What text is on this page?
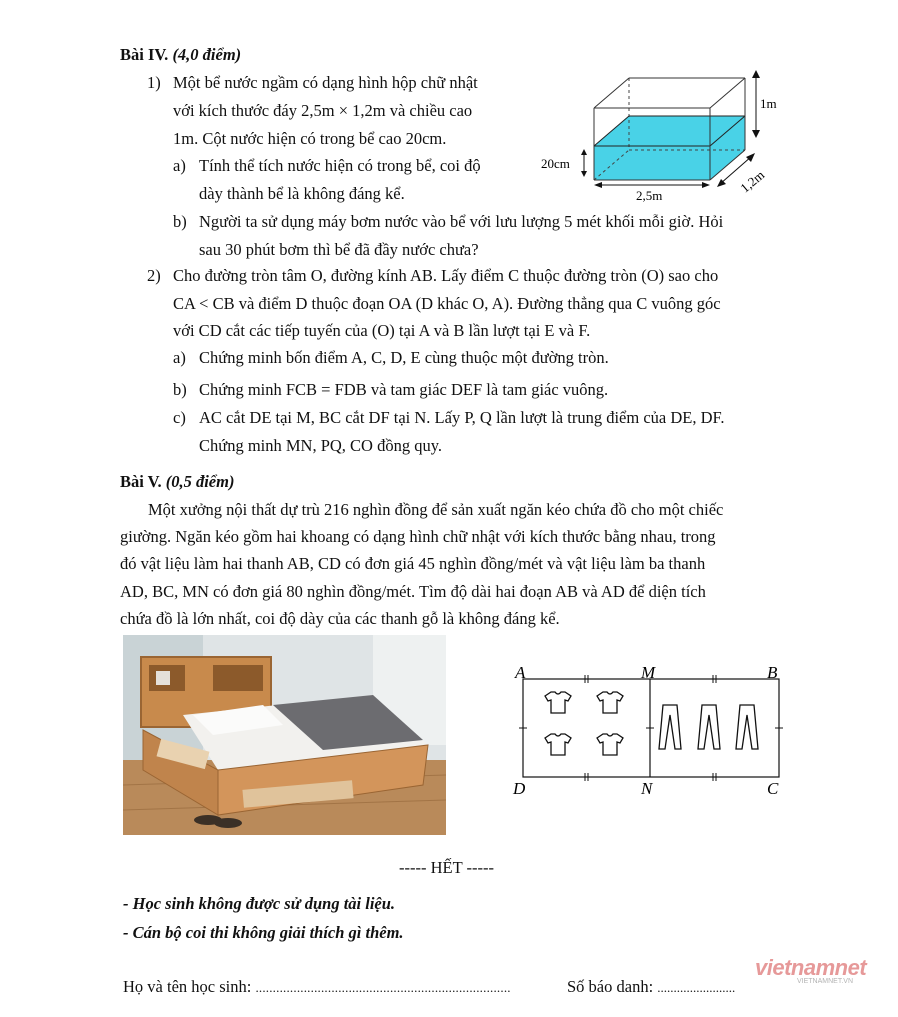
Bài IV. (4,0 điểm)
1) Một bể nước ngầm có dạng hình hộp chữ nhật
với kích thước đáy 2,5m × 1,2m và chiều cao
1m. Cột nước hiện có trong bể cao 20cm.
a) Tính thể tích nước hiện có trong bể, coi độ
dày thành bể là không đáng kể.
b) Người ta sử dụng máy bơm nước vào bể với lưu lượng 5 mét khối mỗi giờ. Hỏi
sau 30 phút bơm thì bể đã đầy nước chưa?
2) Cho đường tròn tâm O, đường kính AB. Lấy điểm C thuộc đường tròn (O) sao cho
CA < CB và điểm D thuộc đoạn OA (D khác O, A). Đường thẳng qua C vuông góc
với CD cắt các tiếp tuyến của (O) tại A và B lần lượt tại E và F.
a) Chứng minh bốn điểm A, C, D, E cùng thuộc một đường tròn.
b) Chứng minh FCB = FDB và tam giác DEF là tam giác vuông.
c) AC cắt DE tại M, BC cắt DF tại N. Lấy P, Q lần lượt là trung điểm của DE, DF.
Chứng minh MN, PQ, CO đồng quy.
1m
20cm
2,5m	1,2m
Bài V. (0,5 điểm)
Một xưởng nội thất dự trù 216 nghìn đồng để sản xuất ngăn kéo chứa đồ cho một chiếc
giường. Ngăn kéo gồm hai khoang có dạng hình chữ nhật với kích thước bằng nhau, trong
đó vật liệu làm hai thanh AB, CD có đơn giá 45 nghìn đồng/mét và vật liệu làm ba thanh
AD, BC, MN có đơn giá 80 nghìn đồng/mét. Tìm độ dài hai đoạn AB và AD để diện tích
chứa đồ là lớn nhất, coi độ dày của các thanh gỗ là không đáng kể.
A	M	B
D	N	C
----- HẾT -----
- Học sinh không được sử dụng tài liệu.
- Cán bộ coi thi không giải thích gì thêm.
Họ và tên học sinh: ..........................................................................	Số báo danh: ........................
vietnamnet
VIETNAMNET.VN
